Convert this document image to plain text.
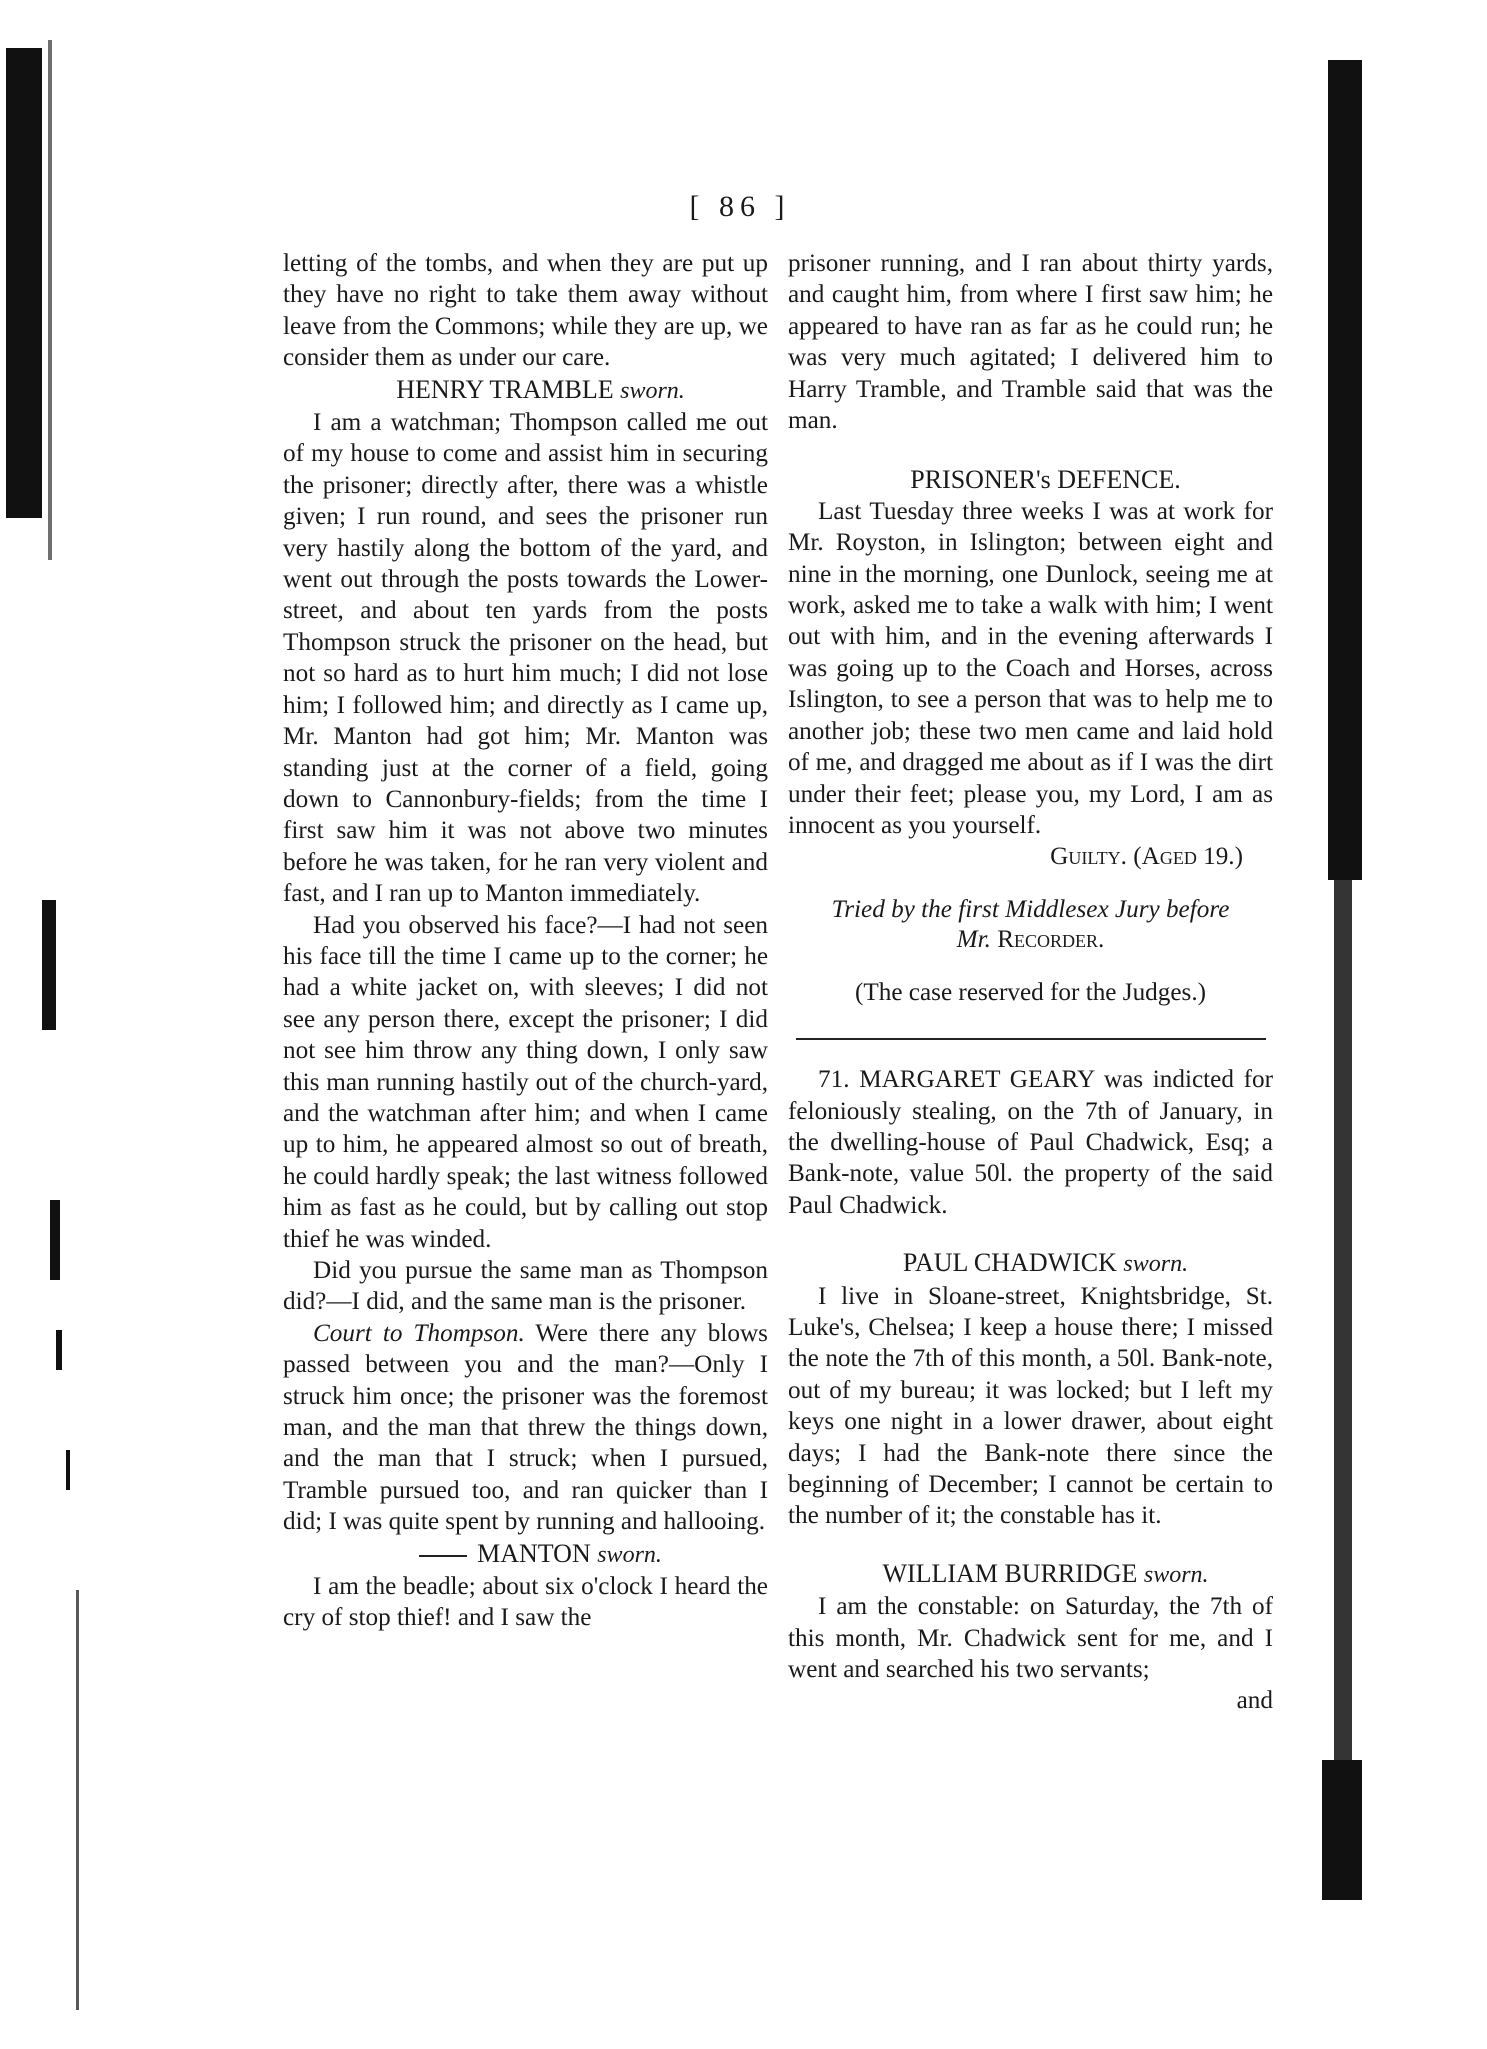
[ 86 ]

letting of the tombs, and when they are put up they have no right to take them away without leave from the Commons; while they are up, we consider them as under our care.

HENRY TRAMBLE sworn.

I am a watchman; Thompson called me out of my house to come and assist him in securing the prisoner; directly after, there was a whistle given; I run round, and sees the prisoner run very hastily along the bottom of the yard, and went out through the posts towards the Lower-street, and about ten yards from the posts Thompson struck the prisoner on the head, but not so hard as to hurt him much; I did not lose him; I followed him; and directly as I came up, Mr. Manton had got him; Mr. Manton was standing just at the corner of a field, going down to Cannonbury-fields; from the time I first saw him it was not above two minutes before he was taken, for he ran very violent and fast, and I ran up to Manton immediately.

Had you observed his face?—I had not seen his face till the time I came up to the corner; he had a white jacket on, with sleeves; I did not see any person there, except the prisoner; I did not see him throw any thing down, I only saw this man running hastily out of the church-yard, and the watchman after him; and when I came up to him, he appeared almost so out of breath, he could hardly speak; the last witness followed him as fast as he could, but by calling out stop thief he was winded.

Did you pursue the same man as Thompson did?—I did, and the same man is the prisoner.

Court to Thompson. Were there any blows passed between you and the man?—Only I struck him once; the prisoner was the foremost man, and the man that threw the things down, and the man that I struck; when I pursued, Tramble pursued too, and ran quicker than I did; I was quite spent by running and hallooing.

MANTON sworn.

I am the beadle; about six o'clock I heard the cry of stop thief! and I saw the

prisoner running, and I ran about thirty yards, and caught him, from where I first saw him; he appeared to have ran as far as he could run; he was very much agitated; I delivered him to Harry Tramble, and Tramble said that was the man.

PRISONER's DEFENCE.

Last Tuesday three weeks I was at work for Mr. Royston, in Islington; between eight and nine in the morning, one Dunlock, seeing me at work, asked me to take a walk with him; I went out with him, and in the evening afterwards I was going up to the Coach and Horses, across Islington, to see a person that was to help me to another job; these two men came and laid hold of me, and dragged me about as if I was the dirt under their feet; please you, my Lord, I am as innocent as you yourself.

Guilty. (Aged 19.)

Tried by the first Middlesex Jury before
Mr. Recorder.
(The case reserved for the Judges.)

71. MARGARET GEARY was indicted for feloniously stealing, on the 7th of January, in the dwelling-house of Paul Chadwick, Esq; a Bank-note, value 50l. the property of the said Paul Chadwick.

PAUL CHADWICK sworn.

I live in Sloane-street, Knightsbridge, St. Luke's, Chelsea; I keep a house there; I missed the note the 7th of this month, a 50l. Bank-note, out of my bureau; it was locked; but I left my keys one night in a lower drawer, about eight days; I had the Bank-note there since the beginning of December; I cannot be certain to the number of it; the constable has it.

WILLIAM BURRIDGE sworn.

I am the constable: on Saturday, the 7th of this month, Mr. Chadwick sent for me, and I went and searched his two servants;

and
